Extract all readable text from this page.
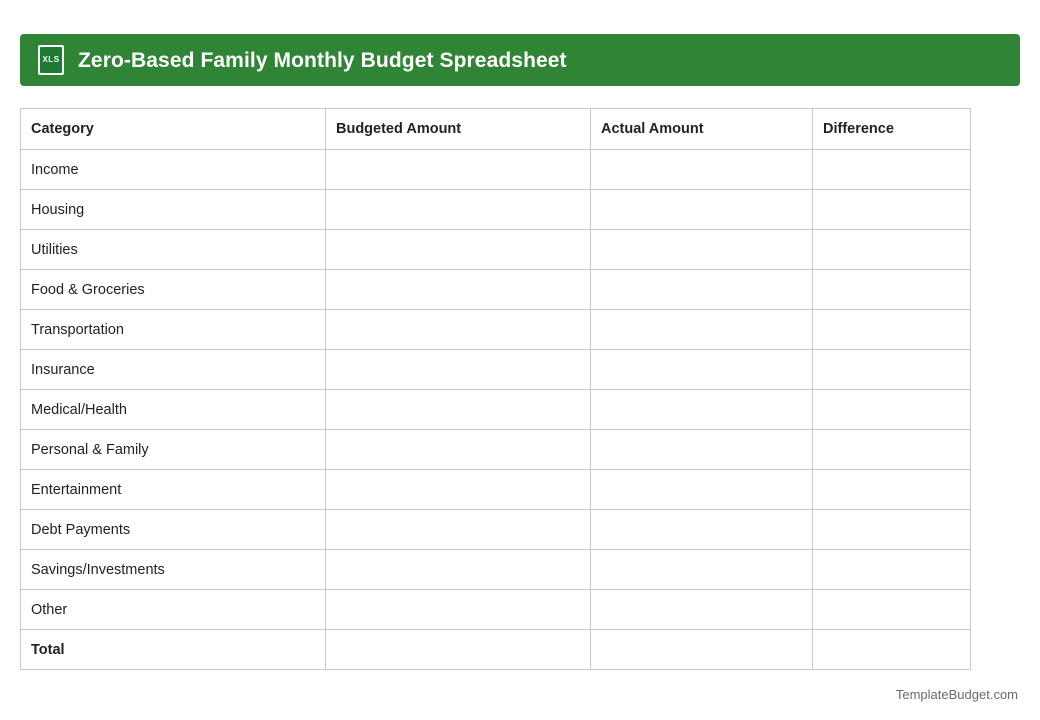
XLS Zero-Based Family Monthly Budget Spreadsheet
Category	Budgeted Amount	Actual Amount	Difference
Income			
Housing			
Utilities			
Food & Groceries			
Transportation			
Insurance			
Medical/Health			
Personal & Family			
Entertainment			
Debt Payments			
Savings/Investments			
Other			
Total			
TemplateBudget.com
